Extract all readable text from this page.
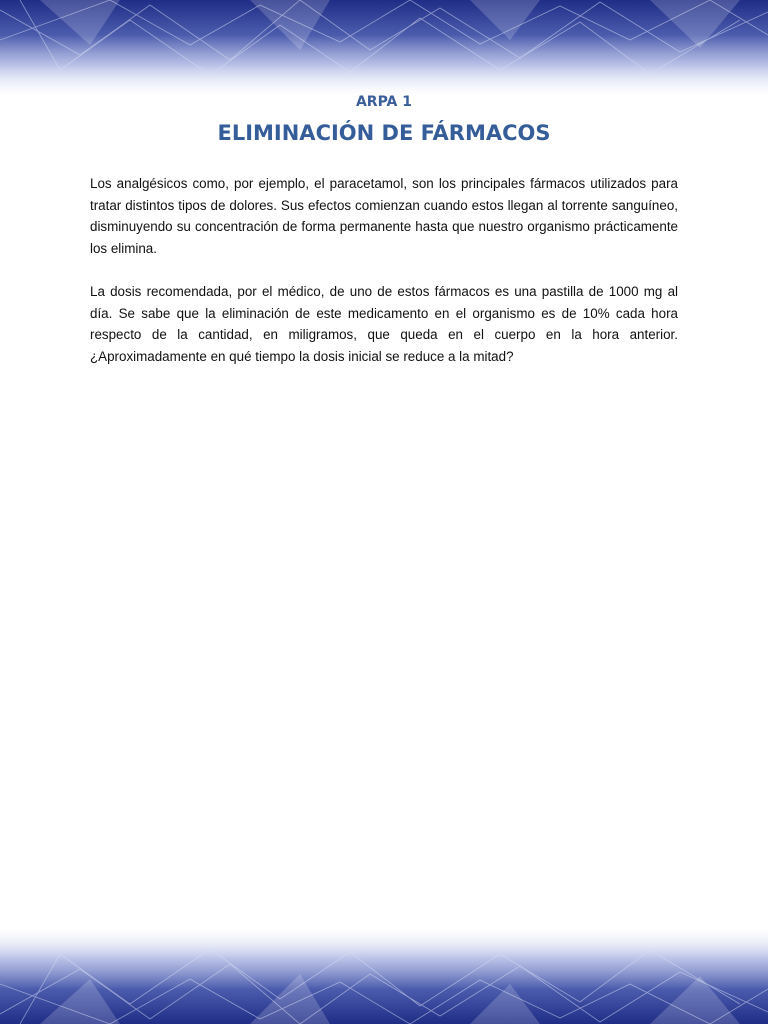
ARPA 1

ELIMINACIÓN DE FÁRMACOS

Los analgésicos como, por ejemplo, el paracetamol, son los principales fármacos utilizados para tratar distintos tipos de dolores. Sus efectos comienzan cuando estos llegan al torrente sanguíneo, disminuyendo su concentración de forma permanente hasta que nuestro organismo prácticamente los elimina.

La dosis recomendada, por el médico, de uno de estos fármacos es una pastilla de 1000 mg al día. Se sabe que la eliminación de este medicamento en el organismo es de 10% cada hora respecto de la cantidad, en miligramos, que queda en el cuerpo en la hora anterior. ¿Aproximadamente en qué tiempo la dosis inicial se reduce a la mitad?
